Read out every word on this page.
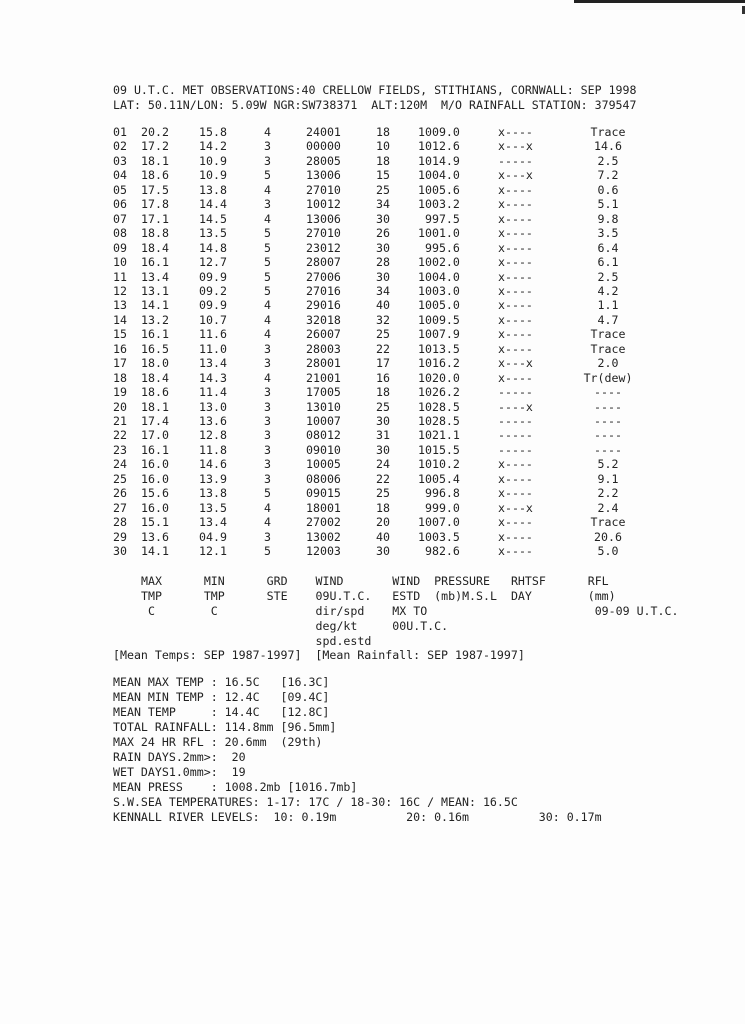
09 U.T.C. MET OBSERVATIONS:40 CRELLOW FIELDS, STITHIANS, CORNWALL: SEP 1998
LAT: 50.11N/LON: 5.09W NGR:SW738371  ALT:120M  M/O RAINFALL STATION: 379547
01 20.2	15.8	4	24001	18 1009.0	x----	Trace
02 17.2	14.2	3	00000	10 1012.6	x---x	14.6
03 18.1	10.9	3	28005	18 1014.9	-----	2.5
04 18.6	10.9	5	13006	15 1004.0	x---x	7.2
05 17.5	13.8	4	27010	25 1005.6	x----	0.6
06 17.8	14.4	3	10012	34 1003.2	x----	5.1
07 17.1	14.5	4	13006	30 997.5	x----	9.8
08 18.8	13.5	5	27010	26 1001.0	x----	3.5
09 18.4	14.8	5	23012	30 995.6	x----	6.4
10 16.1	12.7	5	28007	28 1002.0	x----	6.1
11 13.4	09.9	5	27006	30 1004.0	x----	2.5
12 13.1	09.2	5	27016	34 1003.0	x----	4.2
13 14.1	09.9	4	29016	40 1005.0	x----	1.1
14 13.2	10.7	4	32018	32 1009.5	x----	4.7
15 16.1	11.6	4	26007	25 1007.9	x----	Trace
16 16.5	11.0	3	28003	22 1013.5	x----	Trace
17 18.0	13.4	3	28001	17 1016.2	x---x	2.0
18 18.4	14.3	4	21001	16 1020.0	x----	Tr(dew)
19 18.6	11.4	3	17005	18 1026.2	-----	----
20 18.1	13.0	3	13010	25 1028.5	----x	----
21 17.4	13.6	3	10007	30 1028.5	-----	----
22 17.0	12.8	3	08012	31 1021.1	-----	----
23 16.1	11.8	3	09010	30 1015.5	-----	----
24 16.0	14.6	3	10005	24 1010.2	x----	5.2
25 16.0	13.9	3	08006	22 1005.4	x----	9.1
26 15.6	13.8	5	09015	25 996.8	x----	2.2
27 16.0	13.5	4	18001	18 999.0	x---x	2.4
28 15.1	13.4	4	27002	20 1007.0	x----	Trace
29 13.6	04.9	3	13002	40 1003.5	x----	20.6
30 14.1	12.1	5	12003	30 982.6	x----	5.0
MAX      MIN      GRD    WIND       WIND  PRESSURE   RHTSF      RFL
TMP      TMP      STE    09U.T.C.   ESTD  (mb)M.S.L  DAY        (mm)
C        C              dir/spd    MX TO                        09-09 U.T.C.
deg/kt     00U.T.C.
spd.estd
[Mean Temps: SEP 1987-1997]  [Mean Rainfall: SEP 1987-1997]
MEAN MAX TEMP : 16.5C   [16.3C]
MEAN MIN TEMP : 12.4C   [09.4C]
MEAN TEMP     : 14.4C   [12.8C]
TOTAL RAINFALL: 114.8mm [96.5mm]
MAX 24 HR RFL : 20.6mm  (29th)
RAIN DAYS.2mm>:  20
WET DAYS1.0mm>:  19
MEAN PRESS    : 1008.2mb [1016.7mb]
S.W.SEA TEMPERATURES: 1-17: 17C / 18-30: 16C / MEAN: 16.5C
KENNALL RIVER LEVELS:  10: 0.19m          20: 0.16m          30: 0.17m
